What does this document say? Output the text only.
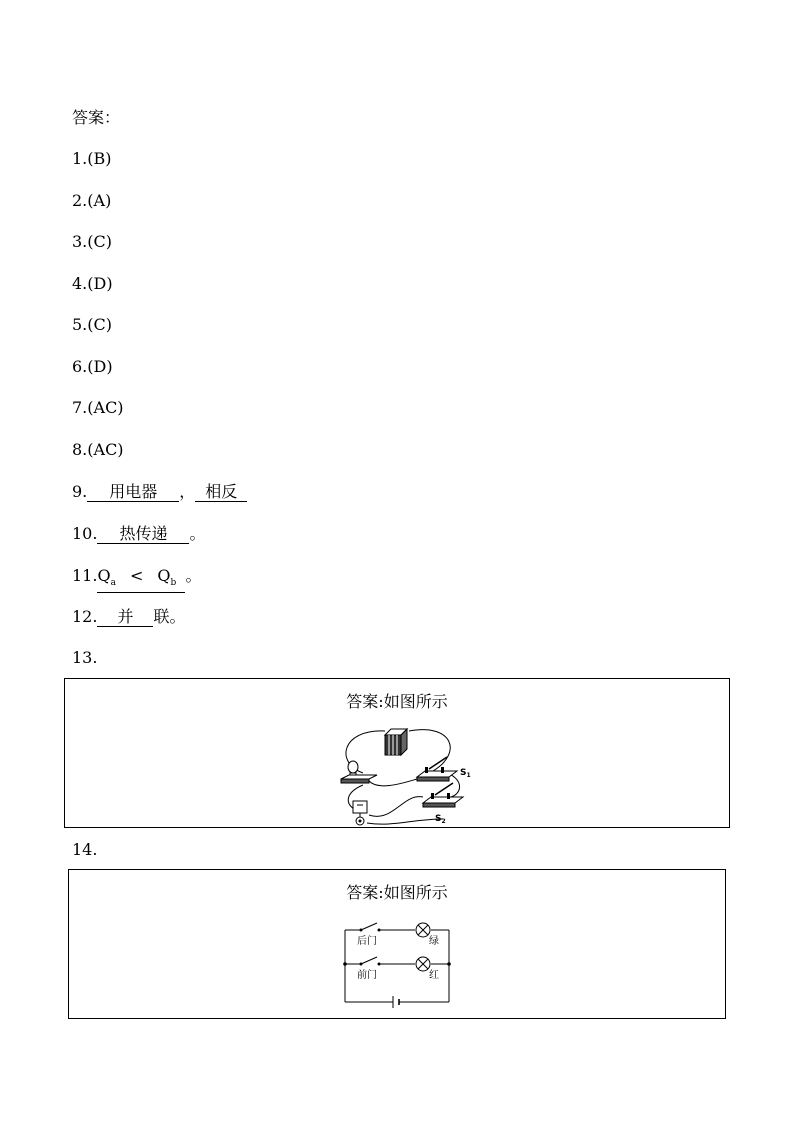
答案：
1.(B)
2.(A)
3.(C)
4.(D)
5.(C)
6.(D)
7.(AC)
8.(AC)
9. 用电器 ， 相反
10. 热传递 。
$11.Q_a < Q_b$ 。
12. 并 联。
13.
答案:如图所示
$S_1$
$S_2$
14.
答案:如图所示
后门
前门
绿
红
